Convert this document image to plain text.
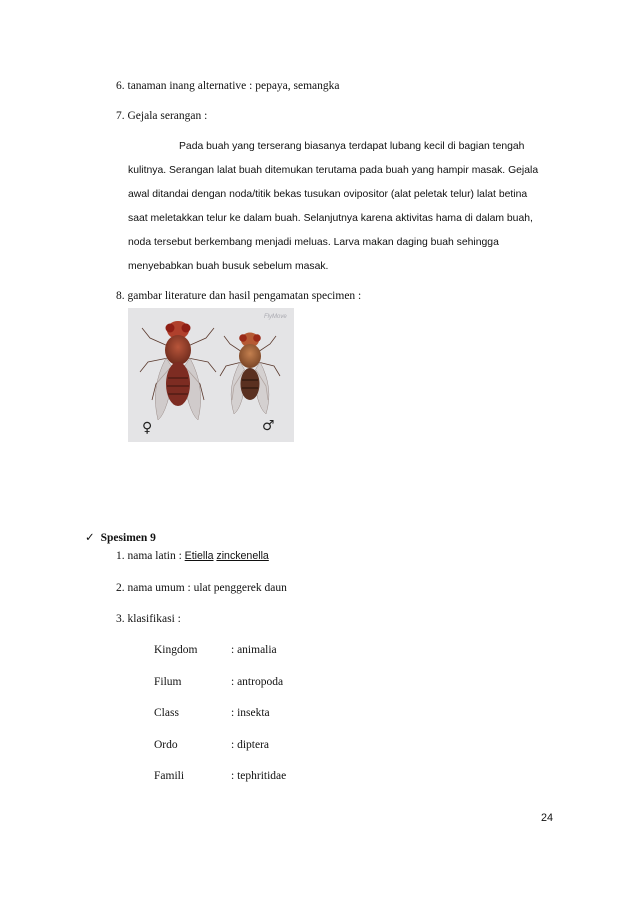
6. tanaman inang alternative : pepaya, semangka
7. Gejala serangan :
Pada buah yang terserang biasanya terdapat lubang kecil di bagian tengah
kulitnya. Serangan lalat buah ditemukan terutama pada buah yang hampir masak. Gejala
awal ditandai dengan noda/titik bekas tusukan ovipositor (alat peletak telur) lalat betina
saat meletakkan telur ke dalam buah. Selanjutnya karena aktivitas hama di dalam buah,
noda tersebut berkembang menjadi meluas. Larva makan daging buah sehingga
menyebabkan buah busuk sebelum masak.
8. gambar literature dan hasil pengamatan specimen :
FlyMove
♀	♂
✓ Spesimen 9
1. nama latin : Etiella zinckenella
2. nama umum : ulat penggerek daun
3. klasifikasi :
Kingdom	: animalia
Filum	: antropoda
Class	: insekta
Ordo	: diptera
Famili	: tephritidae
24
